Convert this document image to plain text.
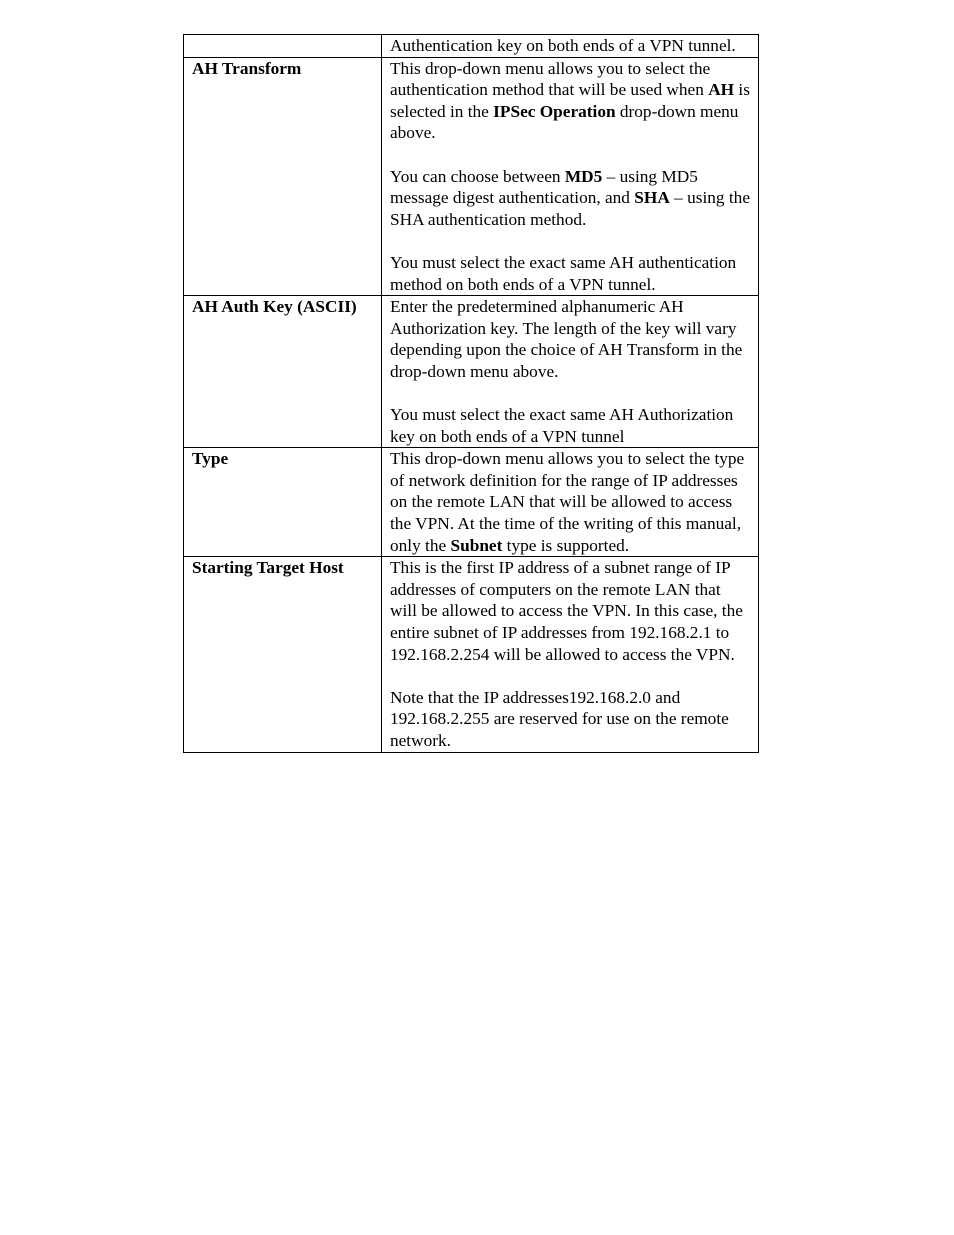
	Authentication key on both ends of a VPN tunnel.

AH Transform	This drop-down menu allows you to select the authentication method that will be used when AH is selected in the IPSec Operation drop-down menu above.

You can choose between MD5 – using MD5 message digest authentication, and SHA – using the SHA authentication method.

You must select the exact same AH authentication method on both ends of a VPN tunnel.

AH Auth Key (ASCII)	Enter the predetermined alphanumeric AH Authorization key. The length of the key will vary depending upon the choice of AH Transform in the drop-down menu above.

You must select the exact same AH Authorization key on both ends of a VPN tunnel

Type	This drop-down menu allows you to select the type of network definition for the range of IP addresses on the remote LAN that will be allowed to access the VPN. At the time of the writing of this manual, only the Subnet type is supported.

Starting Target Host	This is the first IP address of a subnet range of IP addresses of computers on the remote LAN that will be allowed to access the VPN. In this case, the entire subnet of IP addresses from 192.168.2.1 to 192.168.2.254 will be allowed to access the VPN.

Note that the IP addresses192.168.2.0 and 192.168.2.255 are reserved for use on the remote network.
